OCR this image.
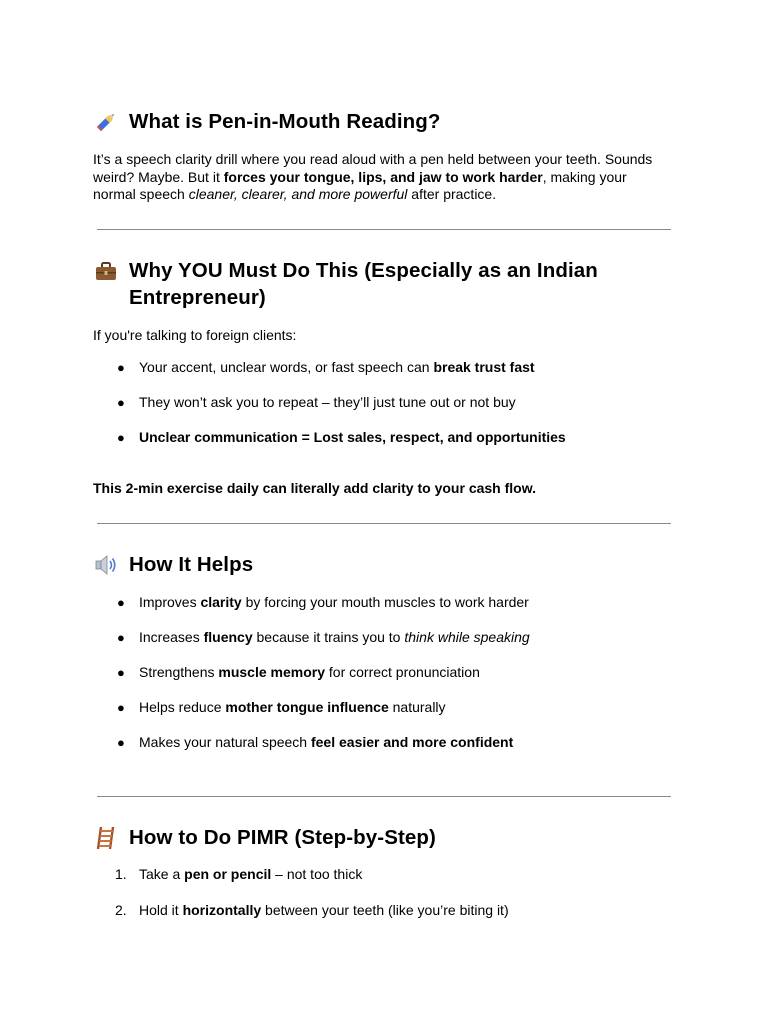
What is Pen-in-Mouth Reading?

It’s a speech clarity drill where you read aloud with a pen held between your teeth. Sounds weird? Maybe. But it forces your tongue, lips, and jaw to work harder, making your normal speech cleaner, clearer, and more powerful after practice.

Why YOU Must Do This (Especially as an Indian Entrepreneur)

If you're talking to foreign clients:

● Your accent, unclear words, or fast speech can break trust fast
● They won’t ask you to repeat – they’ll just tune out or not buy
● Unclear communication = Lost sales, respect, and opportunities

This 2-min exercise daily can literally add clarity to your cash flow.

How It Helps
● Improves clarity by forcing your mouth muscles to work harder
● Increases fluency because it trains you to think while speaking
● Strengthens muscle memory for correct pronunciation
● Helps reduce mother tongue influence naturally
● Makes your natural speech feel easier and more confident
How to Do PIMR (Step-by-Step)
1. Take a pen or pencil – not too thick
2. Hold it horizontally between your teeth (like you’re biting it)
